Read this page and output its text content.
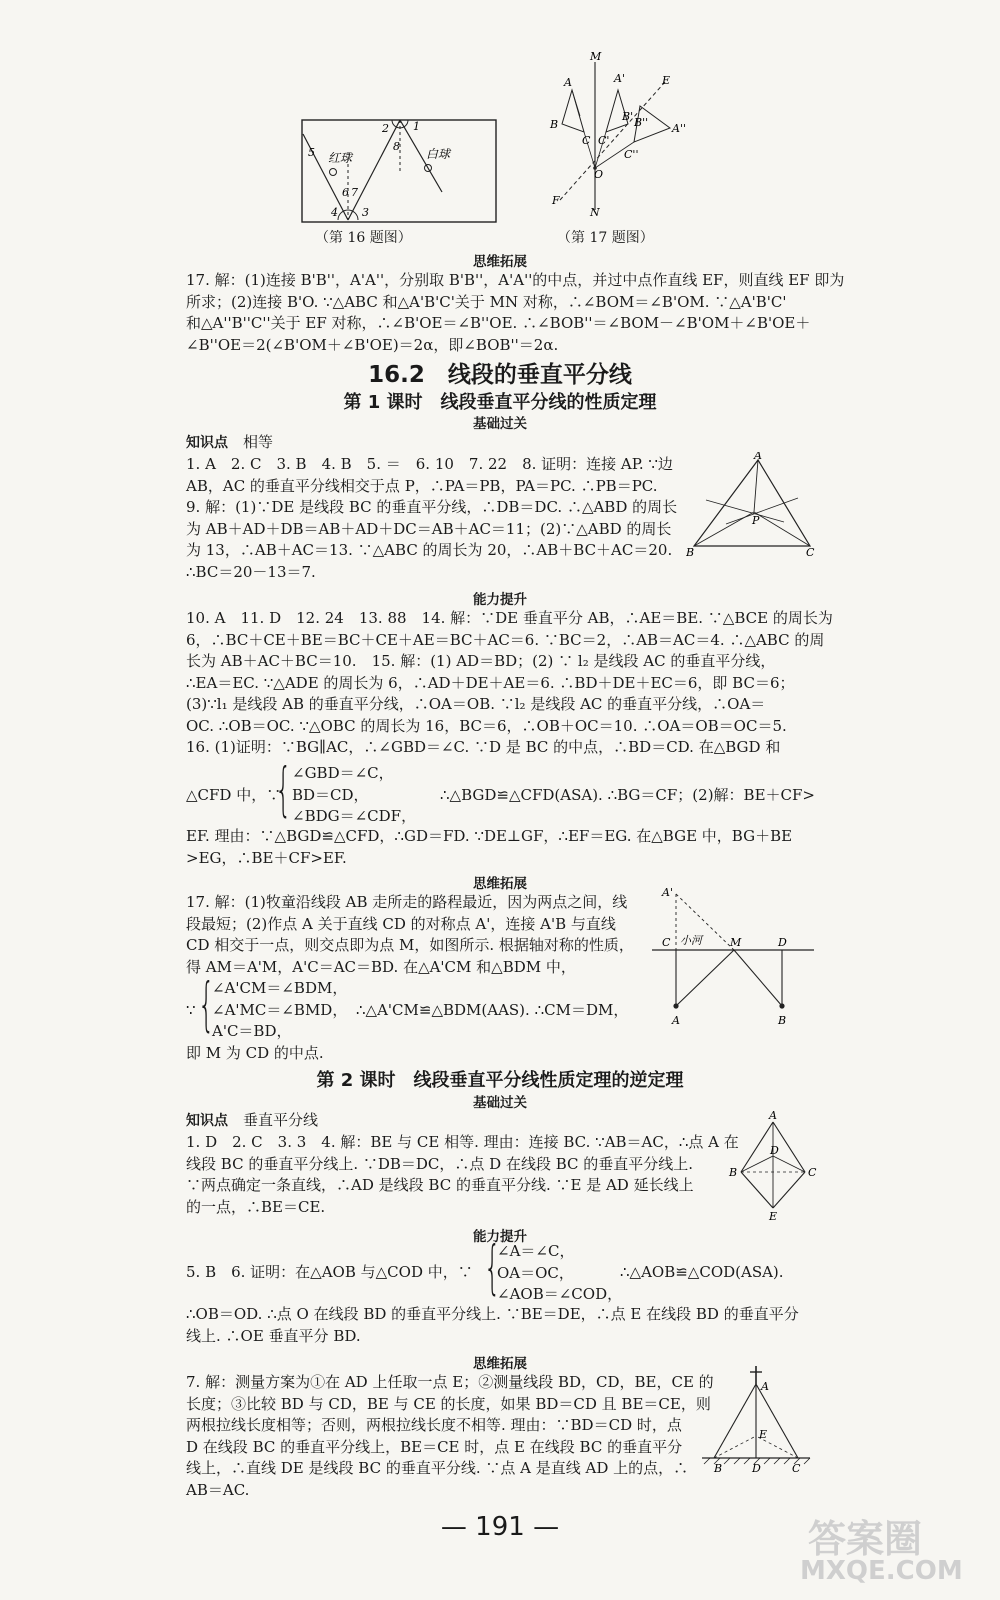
5 红球
6 7
4 3
2 1
8
白球
（第 16 题图）
M
N
E
F
O
A
B
C
A'
B'
C'
A''
B''
C''
（第 17 题图）
思维拓展
17. 解：(1)连接 B'B''，A'A''，分别取 B'B''，A'A''的中点，并过中点作直线 EF，则直线 EF 即为
所求；(2)连接 B'O. ∵△ABC 和△A'B'C'关于 MN 对称，∴∠BOM＝∠B'OM. ∵△A'B'C'
和△A''B''C''关于 EF 对称，∴∠B'OE＝∠B''OE. ∴∠BOB''＝∠BOM－∠B'OM＋∠B'OE＋
∠B''OE＝2(∠B'OM＋∠B'OE)＝2α，即∠BOB''＝2α.
16.2　线段的垂直平分线
第 1 课时　线段垂直平分线的性质定理
基础过关
知识点　 相等
1. A　2. C　3. B　4. B　5. ＝　6. 10　7. 22　8. 证明：连接 AP. ∵边
AB，AC 的垂直平分线相交于点 P，∴PA＝PB，PA＝PC. ∴PB＝PC.
9. 解：(1)∵DE 是线段 BC 的垂直平分线，∴DB＝DC. ∴△ABD 的周长
为 AB＋AD＋DB＝AB＋AD＋DC＝AB＋AC＝11；(2)∵△ABD 的周长
为 13，∴AB＋AC＝13. ∵△ABC 的周长为 20，∴AB＋BC＋AC＝20.
∴BC＝20－13＝7.
A
B	C
P
能力提升
10. A　11. D　12. 24　13. 88　14. 解：∵DE 垂直平分 AB，∴AE＝BE. ∵△BCE 的周长为
6，∴BC＋CE＋BE＝BC＋CE＋AE＝BC＋AC＝6. ∵BC＝2，∴AB＝AC＝4. ∴△ABC 的周
长为 AB＋AC＋BC＝10.　15. 解：(1) AD＝BD；(2) ∵ l₂ 是线段 AC 的垂直平分线，
∴EA＝EC. ∵△ADE 的周长为 6，∴AD＋DE＋AE＝6. ∴BD＋DE＋EC＝6，即 BC＝6；
(3)∵l₁ 是线段 AB 的垂直平分线，∴OA＝OB. ∵l₂ 是线段 AC 的垂直平分线，∴OA＝
OC. ∴OB＝OC. ∵△OBC 的周长为 16，BC＝6，∴OB＋OC＝10. ∴OA＝OB＝OC＝5.
16. (1)证明：∵BG∥AC，∴∠GBD＝∠C. ∵D 是 BC 的中点，∴BD＝CD. 在△BGD 和
△CFD 中，∵
{ ∠GBD＝∠C，
BD＝CD，
∠BDG＝∠CDF，
∴△BGD≌△CFD(ASA). ∴BG＝CF；(2)解：BE＋CF>
EF. 理由：∵△BGD≌△CFD，∴GD＝FD. ∵DE⊥GF，∴EF＝EG. 在△BGE 中，BG＋BE
>EG，∴BE＋CF>EF.
思维拓展
17. 解：(1)牧童沿线段 AB 走所走的路程最近，因为两点之间，线
段最短；(2)作点 A 关于直线 CD 的对称点 A'，连接 A'B 与直线
CD 相交于一点，则交点即为点 M，如图所示. 根据轴对称的性质，
得 AM＝A'M，A'C＝AC＝BD. 在△A'CM 和△BDM 中，
∵ {
∠A'CM＝∠BDM，
∠A'MC＝∠BMD，
A'C＝BD，
∴△A'CM≌△BDM(AAS). ∴CM＝DM，
即 M 为 CD 的中点.
A'
C 小河	M	D
A	B
第 2 课时　线段垂直平分线性质定理的逆定理
基础过关
知识点　 垂直平分线
1. D　2. C　3. 3　4. 解：BE 与 CE 相等. 理由：连接 BC. ∵AB＝AC，∴点 A 在
线段 BC 的垂直平分线上. ∵DB＝DC，∴点 D 在线段 BC 的垂直平分线上.
∵两点确定一条直线，∴AD 是线段 BC 的垂直平分线. ∵E 是 AD 延长线上
的一点，∴BE＝CE.
A
D
B	C
E
能力提升
5. B　6. 证明：在△AOB 与△COD 中，∵ {
∠A＝∠C，
OA＝OC，
∠AOB＝∠COD，
∴△AOB≌△COD(ASA).
∴OB＝OD. ∴点 O 在线段 BD 的垂直平分线上. ∵BE＝DE，∴点 E 在线段 BD 的垂直平分
线上. ∴OE 垂直平分 BD.
思维拓展
7. 解：测量方案为①在 AD 上任取一点 E；②测量线段 BD，CD，BE，CE 的
长度；③比较 BD 与 CD，BE 与 CE 的长度，如果 BD＝CD 且 BE＝CE，则
两根拉线长度相等；否则，两根拉线长度不相等. 理由：∵BD＝CD 时，点
D 在线段 BC 的垂直平分线上，BE＝CE 时，点 E 在线段 BC 的垂直平分
线上，∴直线 DE 是线段 BC 的垂直平分线. ∵点 A 是直线 AD 上的点，∴
AB＝AC.
A
E
B	D	C
— 191 —	答案圈
MXQE.COM
